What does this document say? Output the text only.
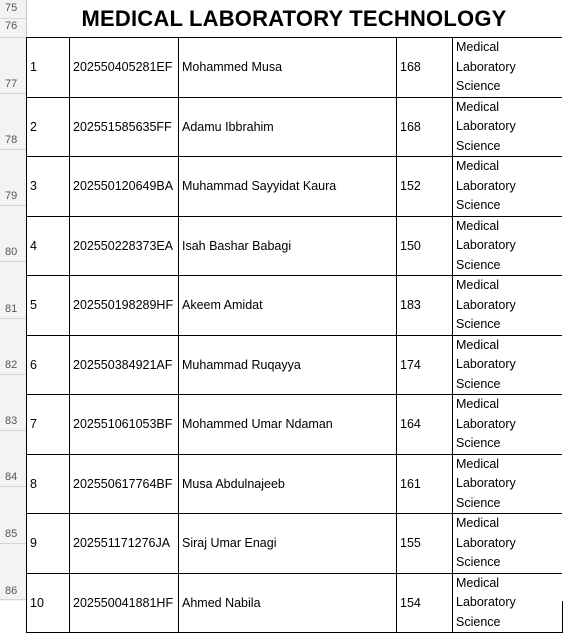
75
76
77
78
79
80
81
82
83
84
85
86
MEDICAL LABORATORY TECHNOLOGY
1	202550405281EF	Mohammed Musa	168	Medical Laboratory Science
2	202551585635FF	Adamu Ibbrahim	168	Medical Laboratory Science
3	202550120649BA	Muhammad Sayyidat Kaura	152	Medical Laboratory Science
4	202550228373EA	Isah Bashar Babagi	150	Medical Laboratory Science
5	202550198289HF	Akeem Amidat	183	Medical Laboratory Science
6	202550384921AF	Muhammad Ruqayya	174	Medical Laboratory Science
7	202551061053BF	Mohammed Umar Ndaman	164	Medical Laboratory Science
8	202550617764BF	Musa Abdulnajeeb	161	Medical Laboratory Science
9	202551171276JA	Siraj Umar Enagi	155	Medical Laboratory Science
10	202550041881HF	Ahmed Nabila	154	Medical Laboratory Science
